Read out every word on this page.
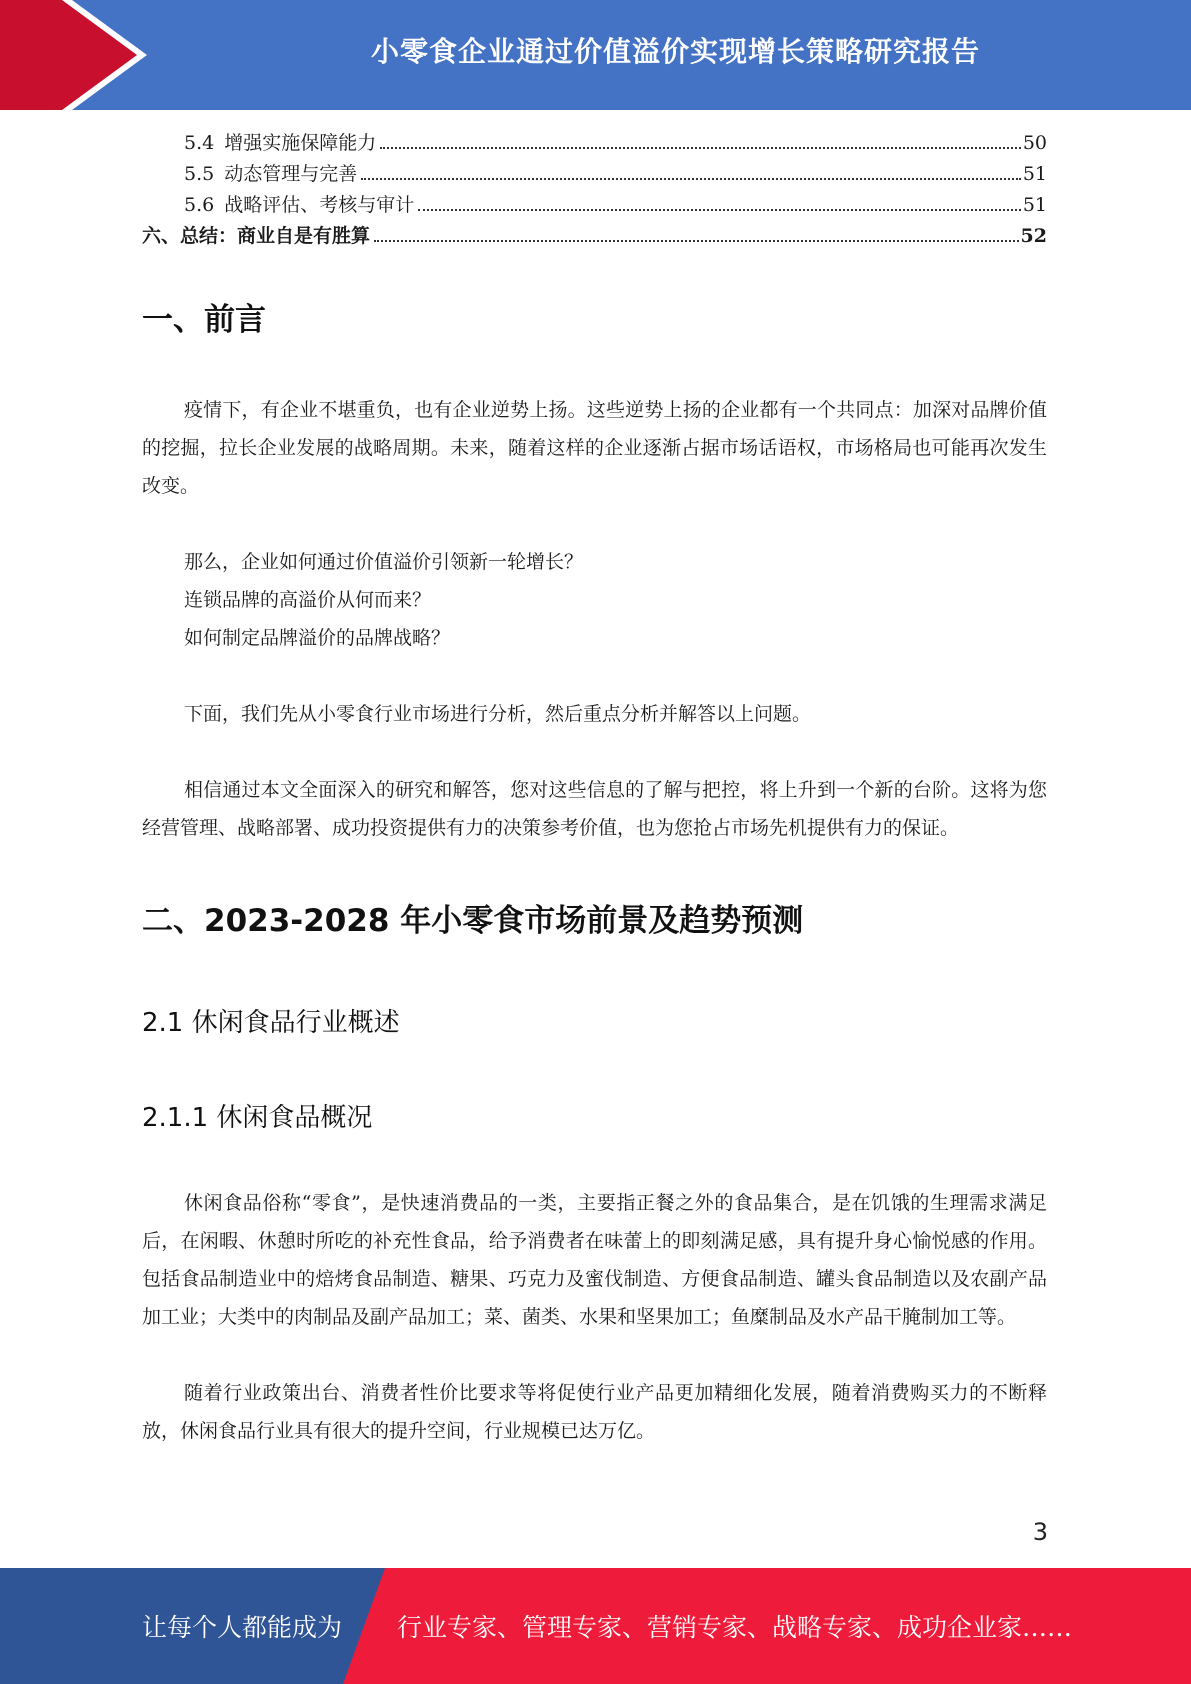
小零食企业通过价值溢价实现增长策略研究报告
5.4 增强实施保障能力	50
5.5 动态管理与完善	51
5.6 战略评估、考核与审计	51
六、总结：商业自是有胜算	52
一、前言

疫情下，有企业不堪重负，也有企业逆势上扬。这些逆势上扬的企业都有一个共同点：加深对品牌价值的挖掘，拉长企业发展的战略周期。未来，随着这样的企业逐渐占据市场话语权，市场格局也可能再次发生改变。

那么，企业如何通过价值溢价引领新一轮增长？

连锁品牌的高溢价从何而来？

如何制定品牌溢价的品牌战略？

下面，我们先从小零食行业市场进行分析，然后重点分析并解答以上问题。

相信通过本文全面深入的研究和解答，您对这些信息的了解与把控，将上升到一个新的台阶。这将为您经营管理、战略部署、成功投资提供有力的决策参考价值，也为您抢占市场先机提供有力的保证。

二、2023-2028 年小零食市场前景及趋势预测
2.1 休闲食品行业概述
2.1.1 休闲食品概况

休闲食品俗称“零食”，是快速消费品的一类，主要指正餐之外的食品集合，是在饥饿的生理需求满足后，在闲暇、休憩时所吃的补充性食品，给予消费者在味蕾上的即刻满足感，具有提升身心愉悦感的作用。包括食品制造业中的焙烤食品制造、糖果、巧克力及蜜伐制造、方便食品制造、罐头食品制造以及农副产品加工业；大类中的肉制品及副产品加工；菜、菌类、水果和坚果加工；鱼糜制品及水产品干腌制加工等。

随着行业政策出台、消费者性价比要求等将促使行业产品更加精细化发展，随着消费购买力的不断释放，休闲食品行业具有很大的提升空间，行业规模已达万亿。

3
让每个人都能成为 行业专家、管理专家、营销专家、战略专家、成功企业家……
